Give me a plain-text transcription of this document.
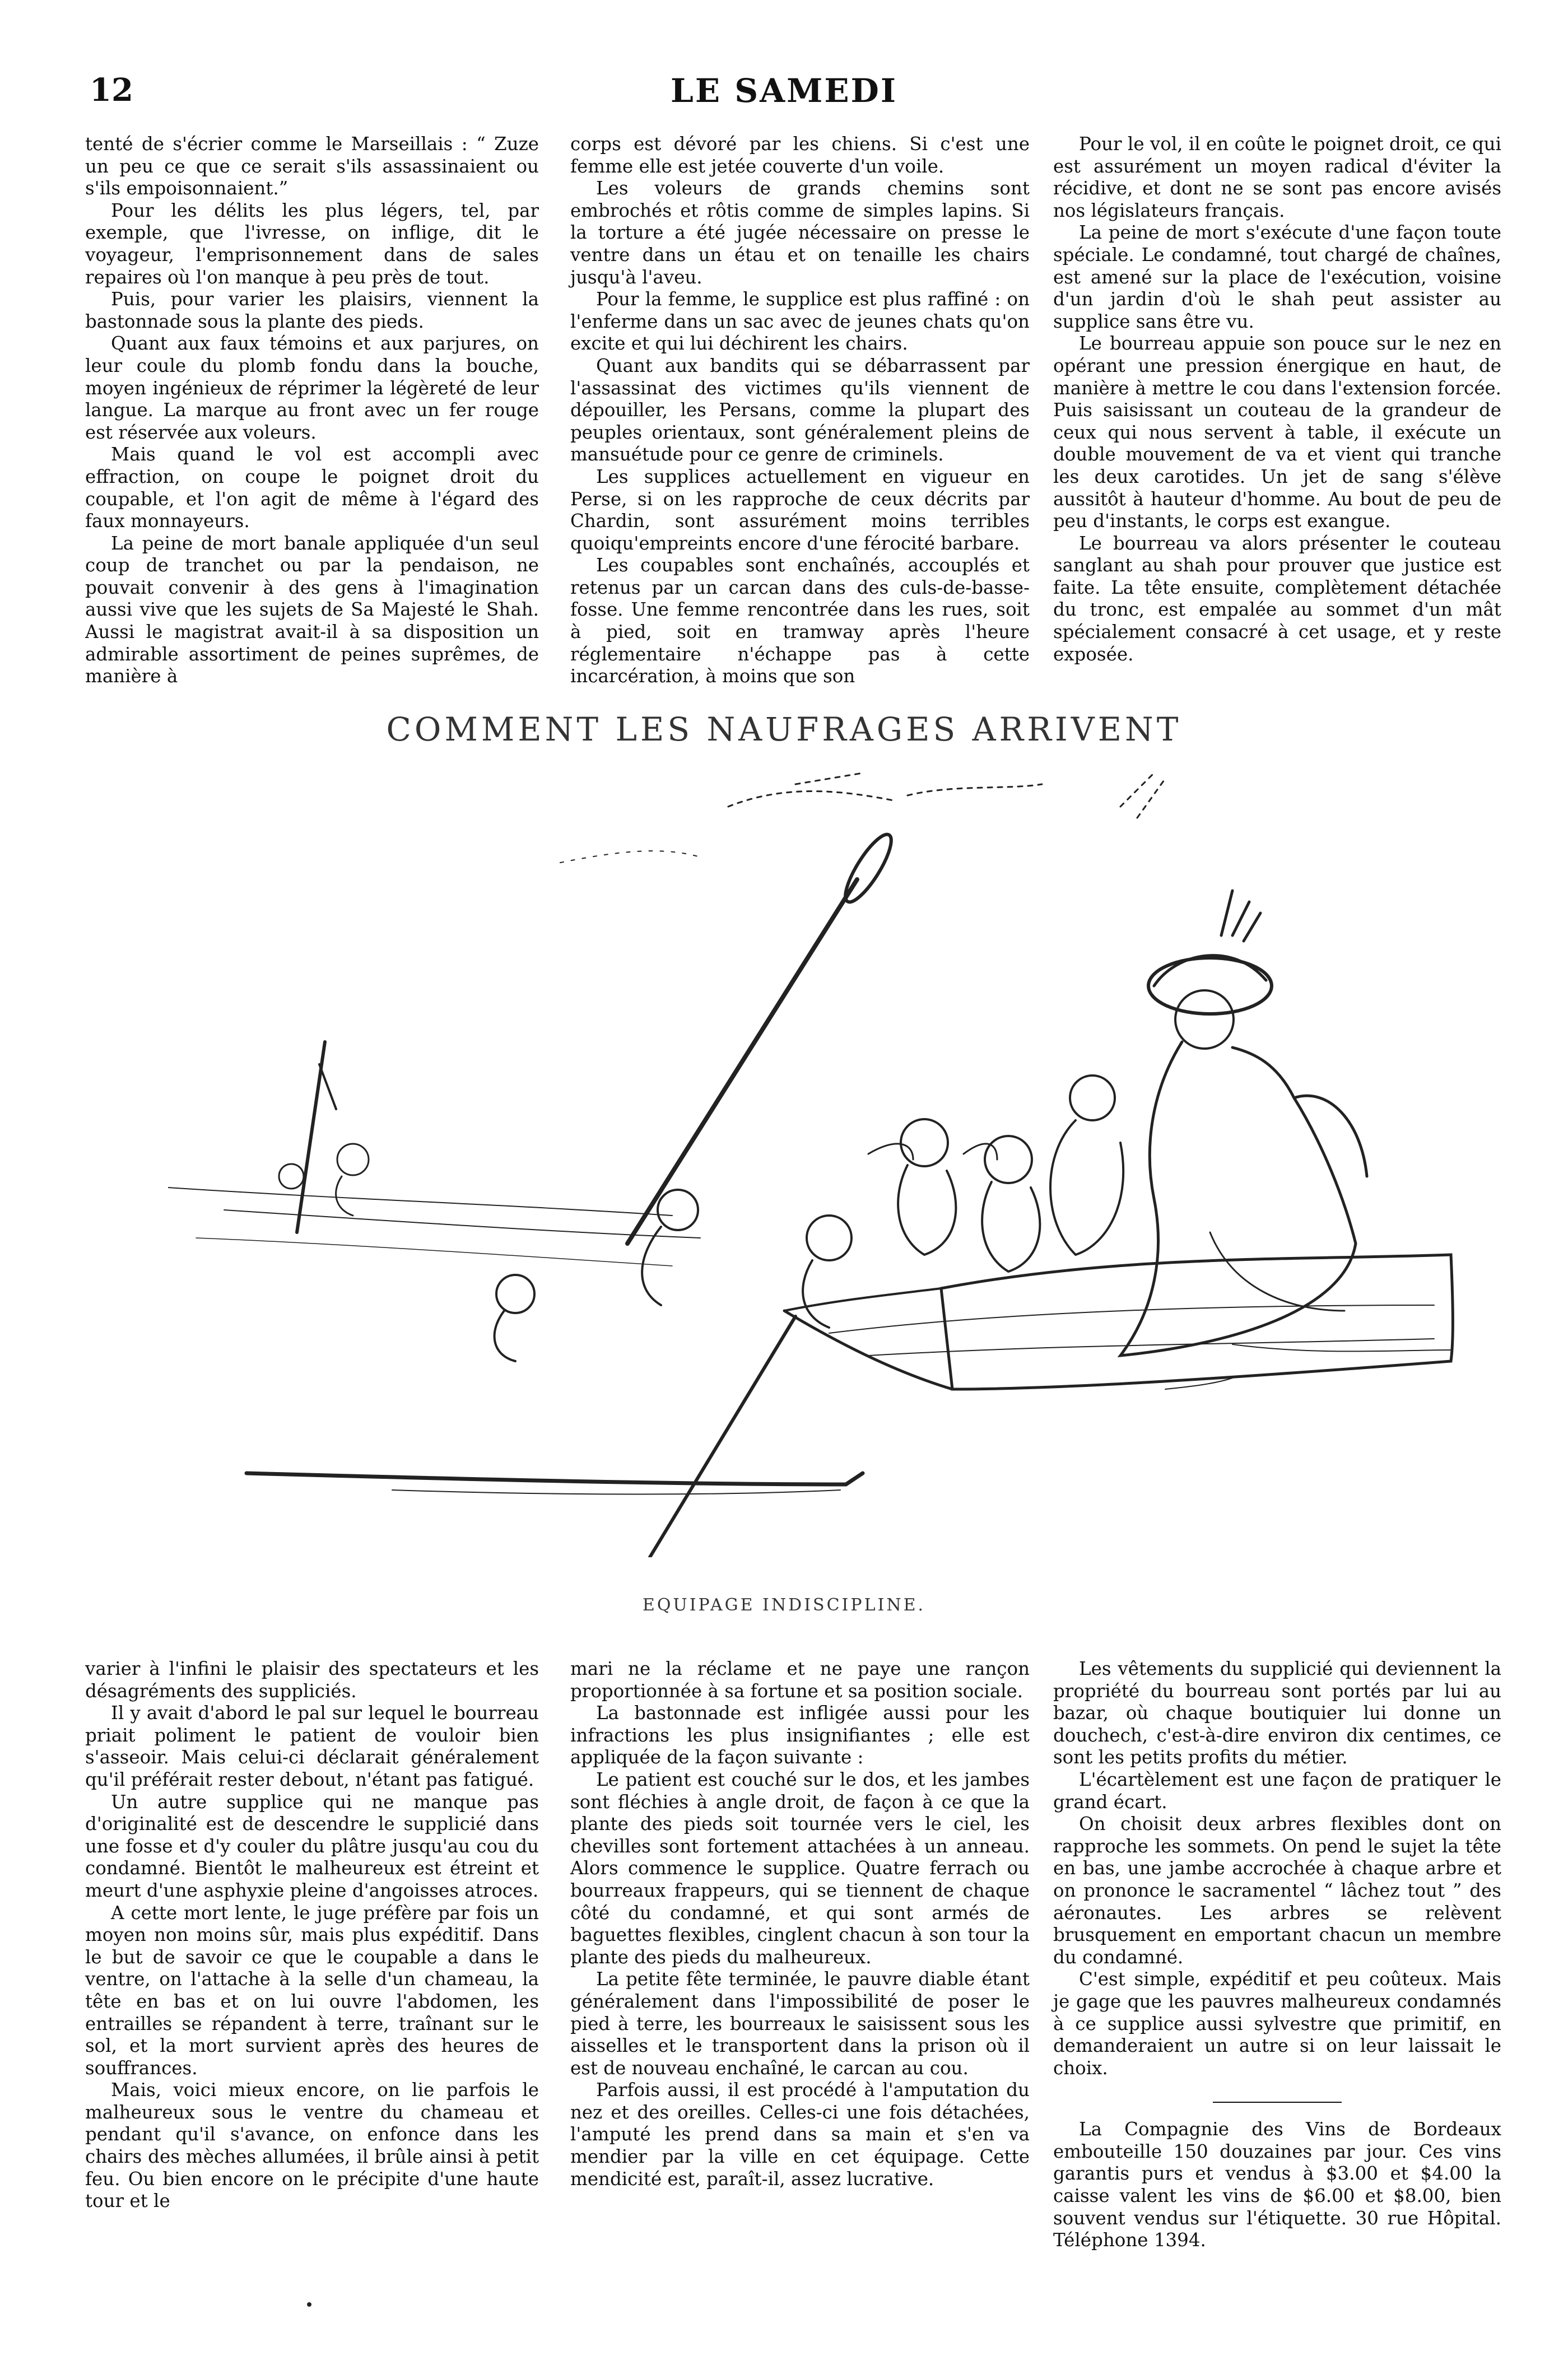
12	LE SAMEDI

tenté de s'écrier comme le Marseillais : “ Zuze un peu ce que ce serait s'ils assassinaient ou s'ils empoisonnaient.”

Pour les délits les plus légers, tel, par exemple, que l'ivresse, on inflige, dit le voyageur, l'emprisonnement dans de sales repaires où l'on manque à peu près de tout.

Puis, pour varier les plaisirs, viennent la bastonnade sous la plante des pieds.

Quant aux faux témoins et aux parjures, on leur coule du plomb fondu dans la bouche, moyen ingénieux de réprimer la légèreté de leur langue. La marque au front avec un fer rouge est réservée aux voleurs.

Mais quand le vol est accompli avec effraction, on coupe le poignet droit du coupable, et l'on agit de même à l'égard des faux monnayeurs.

La peine de mort banale appliquée d'un seul coup de tranchet ou par la pendaison, ne pouvait convenir à des gens à l'imagination aussi vive que les sujets de Sa Majesté le Shah. Aussi le magistrat avait-il à sa disposition un admirable assortiment de peines suprêmes, de manière à

corps est dévoré par les chiens. Si c'est une femme elle est jetée couverte d'un voile.

Les voleurs de grands chemins sont embrochés et rôtis comme de simples lapins. Si la torture a été jugée nécessaire on presse le ventre dans un étau et on tenaille les chairs jusqu'à l'aveu.

Pour la femme, le supplice est plus raffiné : on l'enferme dans un sac avec de jeunes chats qu'on excite et qui lui déchirent les chairs.

Quant aux bandits qui se débarrassent par l'assassinat des victimes qu'ils viennent de dépouiller, les Persans, comme la plupart des peuples orientaux, sont généralement pleins de mansuétude pour ce genre de criminels.

Les supplices actuellement en vigueur en Perse, si on les rapproche de ceux décrits par Chardin, sont assurément moins terribles quoiqu'empreints encore d'une férocité barbare.

Les coupables sont enchaînés, accouplés et retenus par un carcan dans des culs-de-basse-fosse. Une femme rencontrée dans les rues, soit à pied, soit en tramway après l'heure réglementaire n'échappe pas à cette incarcération, à moins que son

Pour le vol, il en coûte le poignet droit, ce qui est assurément un moyen radical d'éviter la récidive, et dont ne se sont pas encore avisés nos législateurs français.

La peine de mort s'exécute d'une façon toute spéciale. Le condamné, tout chargé de chaînes, est amené sur la place de l'exécution, voisine d'un jardin d'où le shah peut assister au supplice sans être vu.

Le bourreau appuie son pouce sur le nez en opérant une pression énergique en haut, de manière à mettre le cou dans l'extension forcée. Puis saisissant un couteau de la grandeur de ceux qui nous servent à table, il exécute un double mouvement de va et vient qui tranche les deux carotides. Un jet de sang s'élève aussitôt à hauteur d'homme. Au bout de peu de peu d'instants, le corps est exangue.

Le bourreau va alors présenter le couteau sanglant au shah pour prouver que justice est faite. La tête ensuite, complètement détachée du tronc, est empalée au sommet d'un mât spécialement consacré à cet usage, et y reste exposée.

COMMENT LES NAUFRAGES ARRIVENT
EQUIPAGE INDISCIPLINE.

varier à l'infini le plaisir des spectateurs et les désagréments des suppliciés.

Il y avait d'abord le pal sur lequel le bourreau priait poliment le patient de vouloir bien s'asseoir. Mais celui-ci déclarait généralement qu'il préférait rester debout, n'étant pas fatigué.

Un autre supplice qui ne manque pas d'originalité est de descendre le supplicié dans une fosse et d'y couler du plâtre jusqu'au cou du condamné. Bientôt le malheureux est étreint et meurt d'une asphyxie pleine d'angoisses atroces.

A cette mort lente, le juge préfère par fois un moyen non moins sûr, mais plus expéditif. Dans le but de savoir ce que le coupable a dans le ventre, on l'attache à la selle d'un chameau, la tête en bas et on lui ouvre l'abdomen, les entrailles se répandent à terre, traînant sur le sol, et la mort survient après des heures de souffrances.

Mais, voici mieux encore, on lie parfois le malheureux sous le ventre du chameau et pendant qu'il s'avance, on enfonce dans les chairs des mèches allumées, il brûle ainsi à petit feu. Ou bien encore on le précipite d'une haute tour et le

mari ne la réclame et ne paye une rançon proportionnée à sa fortune et sa position sociale.

La bastonnade est infligée aussi pour les infractions les plus insignifiantes ; elle est appliquée de la façon suivante :

Le patient est couché sur le dos, et les jambes sont fléchies à angle droit, de façon à ce que la plante des pieds soit tournée vers le ciel, les chevilles sont fortement attachées à un anneau. Alors commence le supplice. Quatre ferrach ou bourreaux frappeurs, qui se tiennent de chaque côté du condamné, et qui sont armés de baguettes flexibles, cinglent chacun à son tour la plante des pieds du malheureux.

La petite fête terminée, le pauvre diable étant généralement dans l'impossibilité de poser le pied à terre, les bourreaux le saisissent sous les aisselles et le transportent dans la prison où il est de nouveau enchaîné, le carcan au cou.

Parfois aussi, il est procédé à l'amputation du nez et des oreilles. Celles-ci une fois détachées, l'amputé les prend dans sa main et s'en va mendier par la ville en cet équipage. Cette mendicité est, paraît-il, assez lucrative.

Les vêtements du supplicié qui deviennent la propriété du bourreau sont portés par lui au bazar, où chaque boutiquier lui donne un douchech, c'est-à-dire environ dix centimes, ce sont les petits profits du métier.

L'écartèlement est une façon de pratiquer le grand écart.

On choisit deux arbres flexibles dont on rapproche les sommets. On pend le sujet la tête en bas, une jambe accrochée à chaque arbre et on prononce le sacramentel “ lâchez tout ” des aéronautes. Les arbres se relèvent brusquement en emportant chacun un membre du condamné.

C'est simple, expéditif et peu coûteux. Mais je gage que les pauvres malheureux condamnés à ce supplice aussi sylvestre que primitif, en demanderaient un autre si on leur laissait le choix.

La Compagnie des Vins de Bordeaux embouteille 150 douzaines par jour. Ces vins garantis purs et vendus à $3.00 et $4.00 la caisse valent les vins de $6.00 et $8.00, bien souvent vendus sur l'étiquette. 30 rue Hôpital. Téléphone 1394.
